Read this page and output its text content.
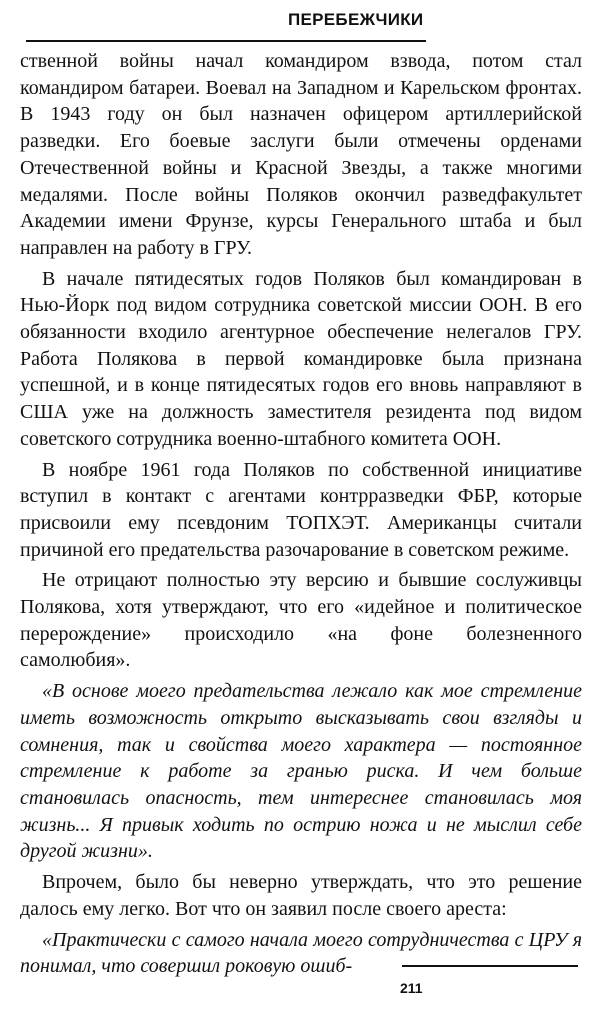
ПЕРЕБЕЖЧИКИ

ственной войны начал командиром взвода, потом стал командиром батареи. Воевал на Западном и Карельском фронтах. В 1943 году он был назначен офицером артиллерийской разведки. Его боевые заслуги были отмечены орденами Отечественной войны и Красной Звезды, а также многими медалями. После войны Поляков окончил разведфакультет Академии имени Фрунзе, курсы Генерального штаба и был направлен на работу в ГРУ.

В начале пятидесятых годов Поляков был командирован в Нью-Йорк под видом сотрудника советской миссии ООН. В его обязанности входило агентурное обеспечение нелегалов ГРУ. Работа Полякова в первой командировке была признана успешной, и в конце пятидесятых годов его вновь направляют в США уже на должность заместителя резидента под видом советского сотрудника военно-штабного комитета ООН.

В ноябре 1961 года Поляков по собственной инициативе вступил в контакт с агентами контрразведки ФБР, которые присвоили ему псевдоним ТОПХЭТ. Американцы считали причиной его предательства разочарование в советском режиме.

Не отрицают полностью эту версию и бывшие сослуживцы Полякова, хотя утверждают, что его «идейное и политическое перерождение» происходило «на фоне болезненного самолюбия».

«В основе моего предательства лежало как мое стремление иметь возможность открыто высказывать свои взгляды и сомнения, так и свойства моего характера — постоянное стремление к работе за гранью риска. И чем больше становилась опасность, тем интереснее становилась моя жизнь... Я привык ходить по острию ножа и не мыслил себе другой жизни».

Впрочем, было бы неверно утверждать, что это решение далось ему легко. Вот что он заявил после своего ареста:

«Практически с самого начала моего сотрудничества с ЦРУ я понимал, что совершил роковую ошиб-

211
